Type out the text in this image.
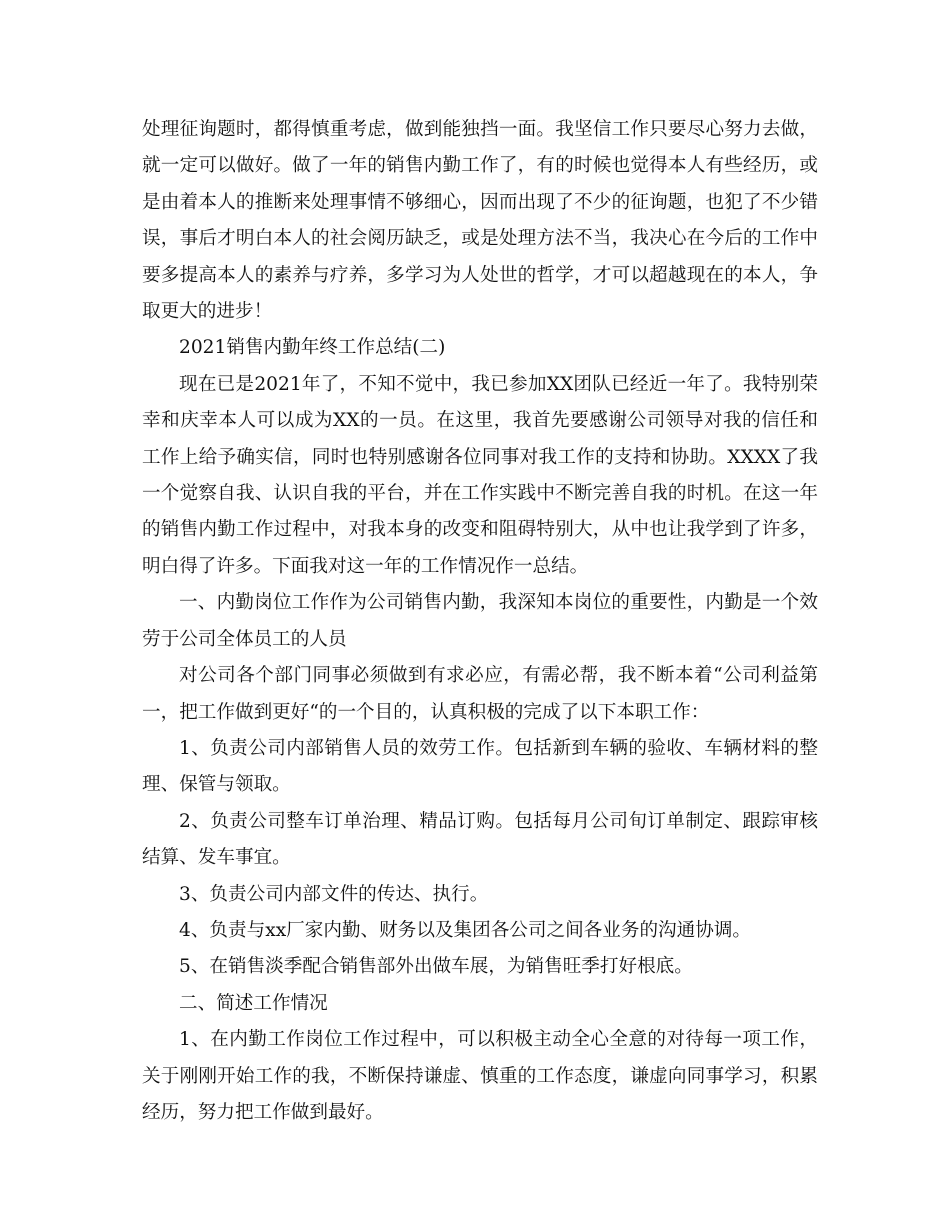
处理征询题时，都得慎重考虑，做到能独挡一面。我坚信工作只要尽心努力去做，就一定可以做好。做了一年的销售内勤工作了，有的时候也觉得本人有些经历，或是由着本人的推断来处理事情不够细心，因而出现了不少的征询题，也犯了不少错误，事后才明白本人的社会阅历缺乏，或是处理方法不当，我决心在今后的工作中要多提高本人的素养与疗养，多学习为人处世的哲学，才可以超越现在的本人，争取更大的进步！

2021销售内勤年终工作总结(二)

现在已是2021年了，不知不觉中，我已参加XX团队已经近一年了。我特别荣幸和庆幸本人可以成为XX的一员。在这里，我首先要感谢公司领导对我的信任和工作上给予确实信，同时也特别感谢各位同事对我工作的支持和协助。XXXX了我一个觉察自我、认识自我的平台，并在工作实践中不断完善自我的时机。在这一年的销售内勤工作过程中，对我本身的改变和阻碍特别大，从中也让我学到了许多，明白得了许多。下面我对这一年的工作情况作一总结。

一、内勤岗位工作作为公司销售内勤，我深知本岗位的重要性，内勤是一个效劳于公司全体员工的人员

对公司各个部门同事必须做到有求必应，有需必帮，我不断本着“公司利益第一，把工作做到更好“的一个目的，认真积极的完成了以下本职工作：

1、负责公司内部销售人员的效劳工作。包括新到车辆的验收、车辆材料的整理、保管与领取。

2、负责公司整车订单治理、精品订购。包括每月公司旬订单制定、跟踪审核结算、发车事宜。

3、负责公司内部文件的传达、执行。

4、负责与xx厂家内勤、财务以及集团各公司之间各业务的沟通协调。

5、在销售淡季配合销售部外出做车展，为销售旺季打好根底。

二、简述工作情况

1、在内勤工作岗位工作过程中，可以积极主动全心全意的对待每一项工作，关于刚刚开始工作的我，不断保持谦虚、慎重的工作态度，谦虚向同事学习，积累经历，努力把工作做到最好。
